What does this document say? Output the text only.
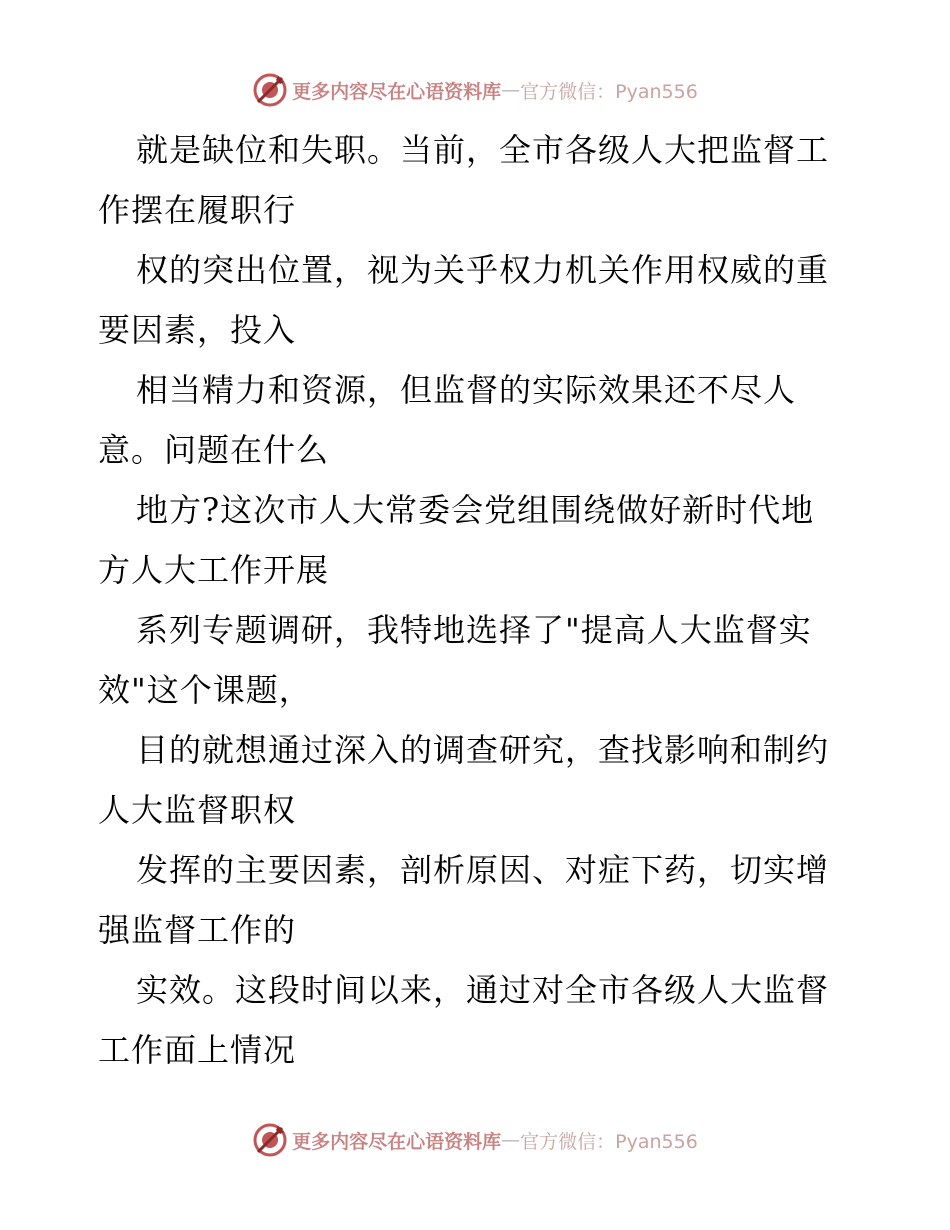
更多内容尽在心语资料库 — 官方微信：Pyan556
就是缺位和失职。当前，全市各级人大把监督工
作摆在履职行
权的突出位置，视为关乎权力机关作用权威的重
要因素，投入
相当精力和资源，但监督的实际效果还不尽人
意。问题在什么
地方?这次市人大常委会党组围绕做好新时代地
方人大工作开展
系列专题调研，我特地选择了"提高人大监督实
效"这个课题，
目的就想通过深入的调查研究，查找影响和制约
人大监督职权
发挥的主要因素，剖析原因、对症下药，切实增
强监督工作的
实效。这段时间以来，通过对全市各级人大监督
工作面上情况
更多内容尽在心语资料库 — 官方微信：Pyan556
